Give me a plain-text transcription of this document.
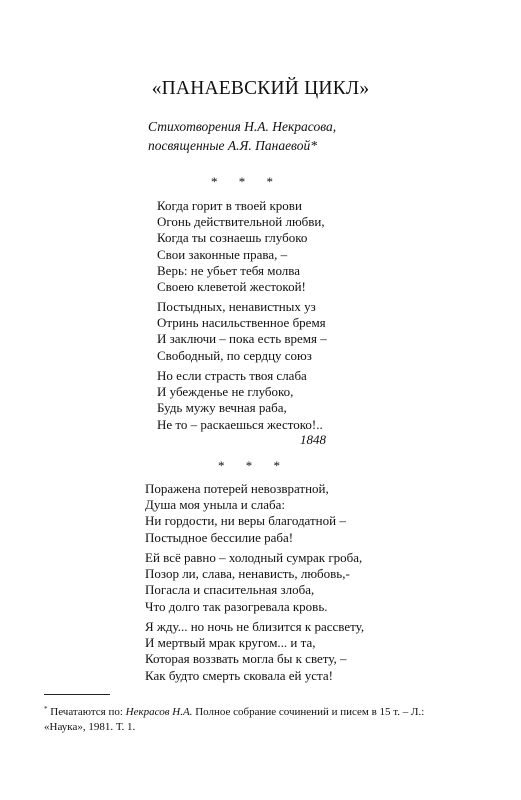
«ПАНАЕВСКИЙ ЦИКЛ»
Стихотворения Н.А. Некрасова,
посвященные А.Я. Панаевой*
* * *
Когда горит в твоей крови
Огонь действительной любви,
Когда ты сознаешь глубоко
Свои законные права, –
Верь: не убьет тебя молва
Своею клеветой жестокой!
Постыдных, ненавистных уз
Отринь насильственное бремя
И заключи – пока есть время –
Свободный, по сердцу союз
Но если страсть твоя слаба
И убежденье не глубоко,
Будь мужу вечная раба,
Не то – раскаешься жестоко!..
1848
* * *
Поражена потерей невозвратной,
Душа моя уныла и слаба:
Ни гордости, ни веры благодатной –
Постыдное бессилие раба!
Ей всё равно – холодный сумрак гроба,
Позор ли, слава, ненависть, любовь,-
Погасла и спасительная злоба,
Что долго так разогревала кровь.
Я жду... но ночь не близится к рассвету,
И мертвый мрак кругом... и та,
Которая воззвать могла бы к свету, –
Как будто смерть сковала ей уста!
* Печатаются по: Некрасов Н.А. Полное собрание сочинений и писем в 15 т. – Л.:
«Наука», 1981. Т. 1.
